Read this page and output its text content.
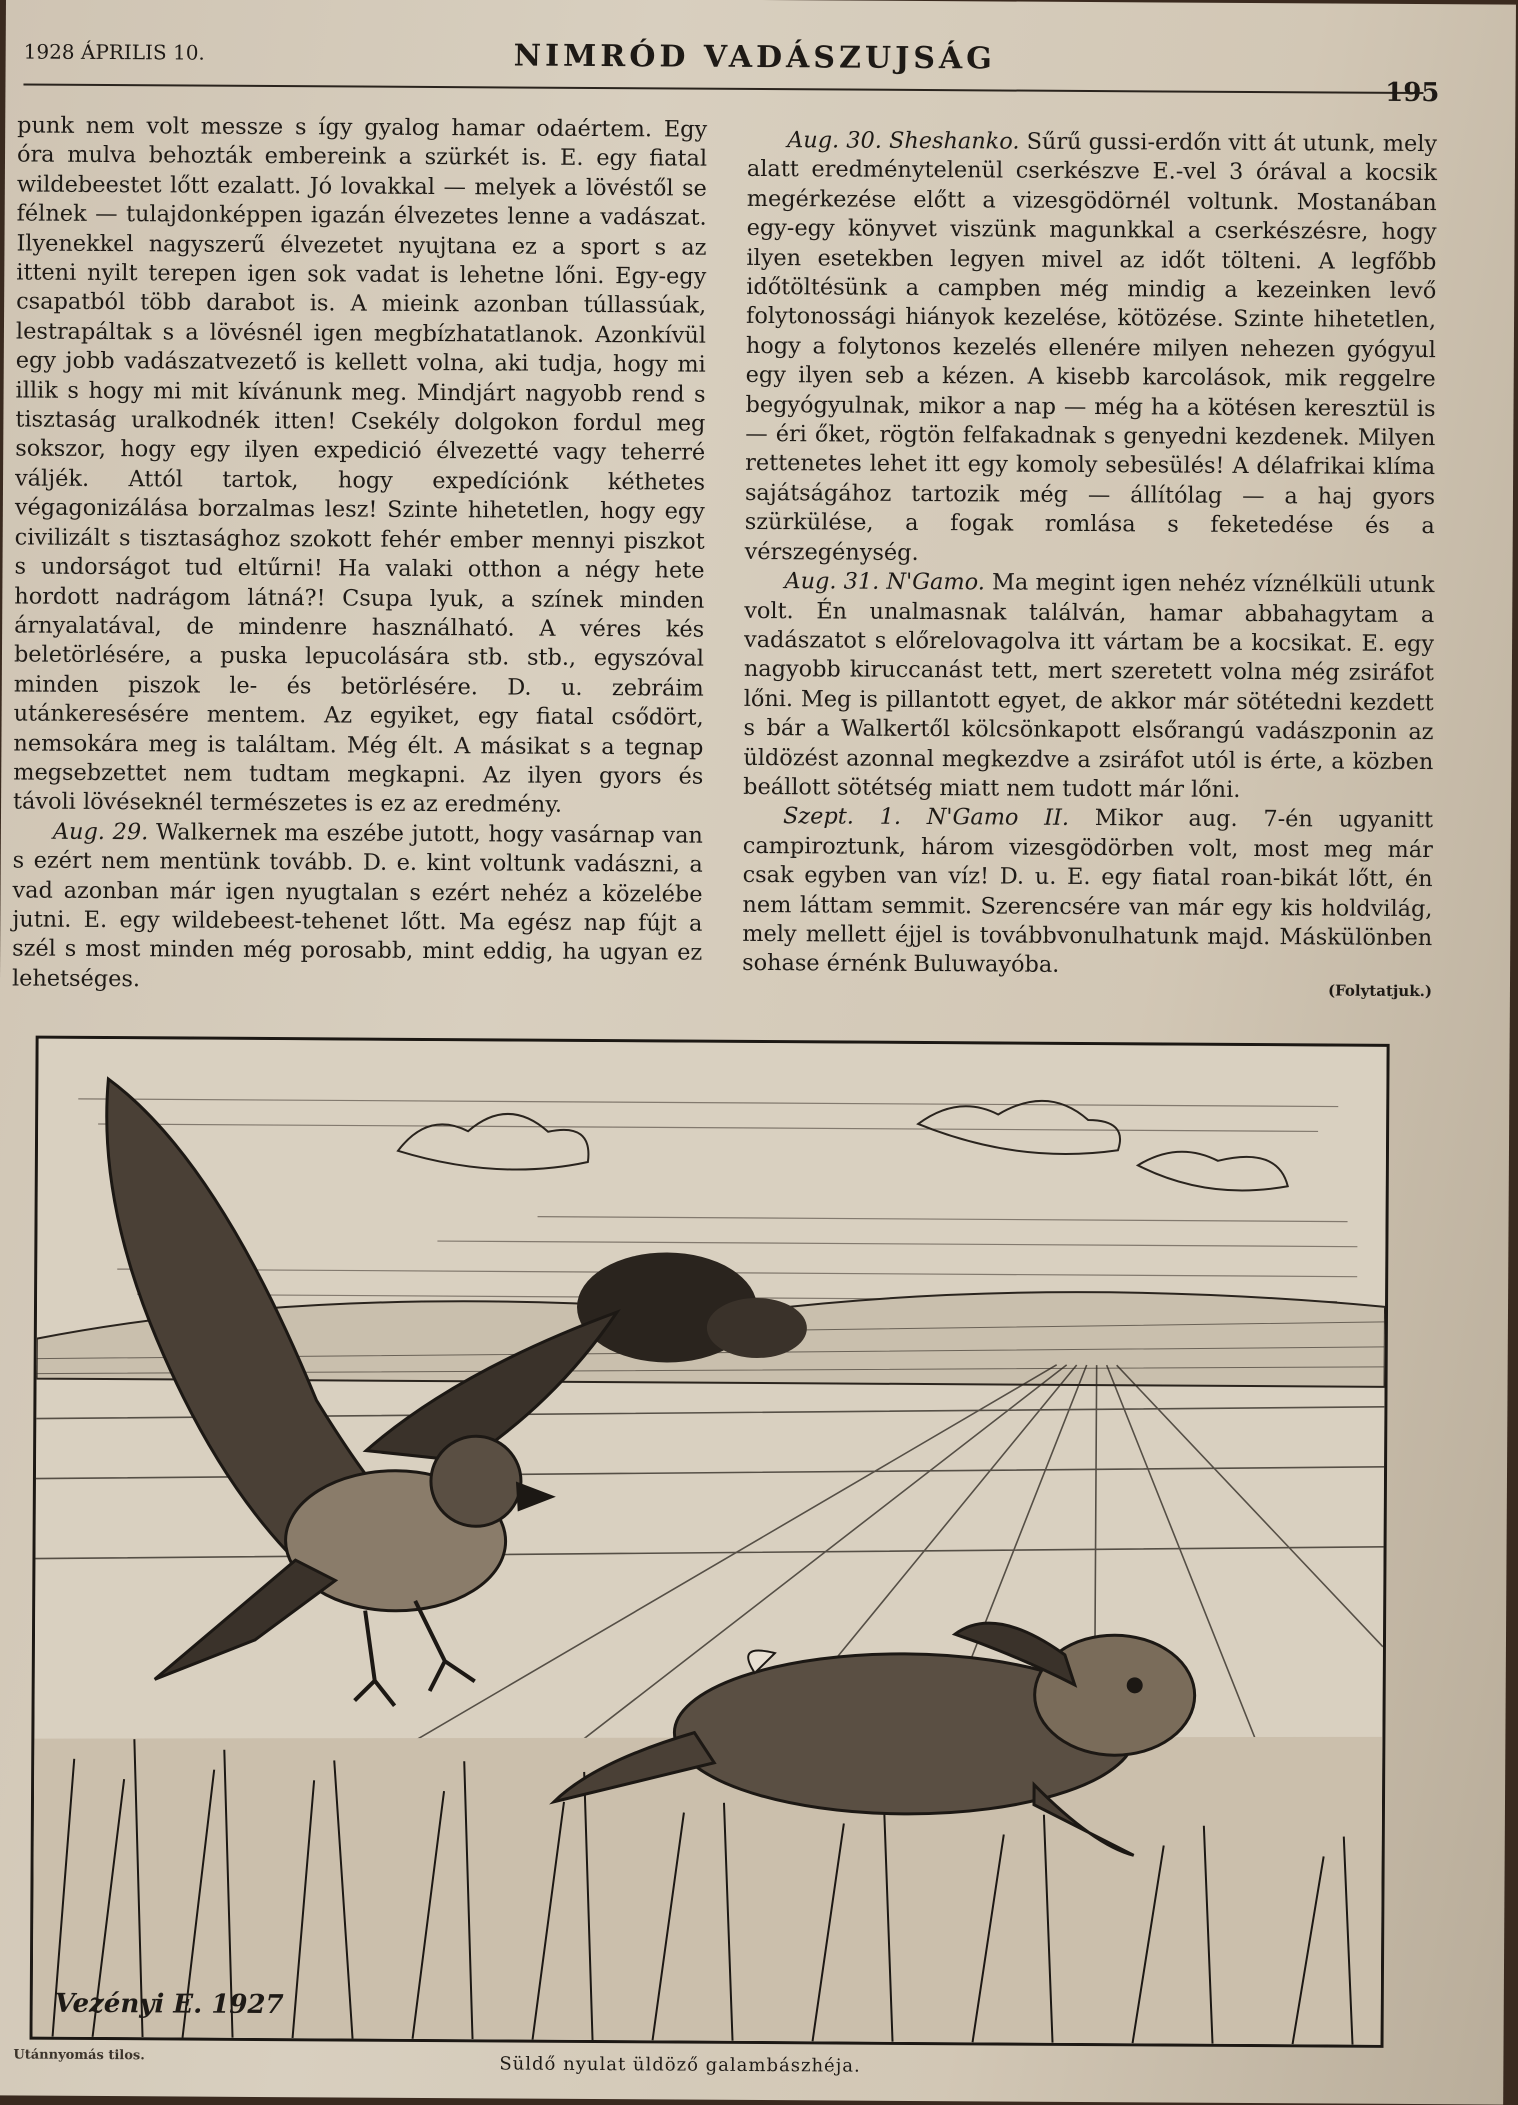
1928 ÁPRILIS 10.	NIMRÓD VADÁSZUJSÁG
195

punk nem volt messze s így gyalog hamar odaértem. Egy óra mulva behozták embereink a szürkét is. E. egy fiatal wildebeestet lőtt ezalatt. Jó lovakkal — melyek a lövéstől se félnek — tulajdonképpen igazán élvezetes lenne a vadászat. Ilyenekkel nagyszerű élvezetet nyujtana ez a sport s az itteni nyilt terepen igen sok vadat is lehetne lőni. Egy-egy csapatból több darabot is. A mieink azonban túllassúak, lestrapáltak s a lövésnél igen megbízhatatlanok. Azonkívül egy jobb vadászatvezető is kellett volna, aki tudja, hogy mi illik s hogy mi mit kívánunk meg. Mindjárt nagyobb rend s tisztaság uralkodnék itten! Csekély dolgokon fordul meg sokszor, hogy egy ilyen expedició élvezetté vagy teherré váljék. Attól tartok, hogy expedíciónk kéthetes végagonizálása borzalmas lesz! Szinte hihetetlen, hogy egy civilizált s tisztasághoz szokott fehér ember mennyi piszkot s undorságot tud eltűrni! Ha valaki otthon a négy hete hordott nadrágom látná?! Csupa lyuk, a színek minden árnyalatával, de mindenre használható. A véres kés beletörlésére, a puska lepucolására stb. stb., egyszóval minden piszok le- és betörlésére. D. u. zebráim utánkeresésére mentem. Az egyiket, egy fiatal csődört, nemsokára meg is találtam. Még élt. A másikat s a tegnap megsebzettet nem tudtam megkapni. Az ilyen gyors és távoli lövéseknél természetes is ez az eredmény.

Aug. 29. Walkernek ma eszébe jutott, hogy vasárnap van s ezért nem mentünk tovább. D. e. kint voltunk vadászni, a vad azonban már igen nyugtalan s ezért nehéz a közelébe jutni. E. egy wildebeest-tehenet lőtt. Ma egész nap fújt a szél s most minden még porosabb, mint eddig, ha ugyan ez lehetséges.

Aug. 30. Sheshanko. Sűrű gussi-erdőn vitt át utunk, mely alatt eredménytelenül cserkészve E.-vel 3 órával a kocsik megérkezése előtt a vizesgödörnél voltunk. Mostanában egy-egy könyvet viszünk magunkkal a cserkészésre, hogy ilyen esetekben legyen mivel az időt tölteni. A legfőbb időtöltésünk a campben még mindig a kezeinken levő folytonossági hiányok kezelése, kötözése. Szinte hihetetlen, hogy a folytonos kezelés ellenére milyen nehezen gyógyul egy ilyen seb a kézen. A kisebb karcolások, mik reggelre begyógyulnak, mikor a nap — még ha a kötésen keresztül is — éri őket, rögtön felfakadnak s genyedni kezdenek. Milyen rettenetes lehet itt egy komoly sebesülés! A délafrikai klíma sajátságához tartozik még — állítólag — a haj gyors szürkülése, a fogak romlása s feketedése és a vérszegénység.

Aug. 31. N'Gamo. Ma megint igen nehéz víznélküli utunk volt. Én unalmasnak találván, hamar abbahagytam a vadászatot s előrelovagolva itt vártam be a kocsikat. E. egy nagyobb kiruccanást tett, mert szeretett volna még zsiráfot lőni. Meg is pillantott egyet, de akkor már sötétedni kezdett s bár a Walkertől kölcsönkapott elsőrangú vadászponin az üldözést azonnal megkezdve a zsiráfot utól is érte, a közben beállott sötétség miatt nem tudott már lőni.

Szept. 1. N'Gamo II. Mikor aug. 7-én ugyanitt campiroztunk, három vizesgödörben volt, most meg már csak egyben van víz! D. u. E. egy fiatal roan-bikát lőtt, én nem láttam semmit. Szerencsére van már egy kis holdvilág, mely mellett éjjel is továbbvonulhatunk majd. Máskülönben sohase érnénk Buluwayóba.

(Folytatjuk.)
Vezényi E. 1927
Utánnyomás tilos.	Süldő nyulat üldöző galambászhéja.
